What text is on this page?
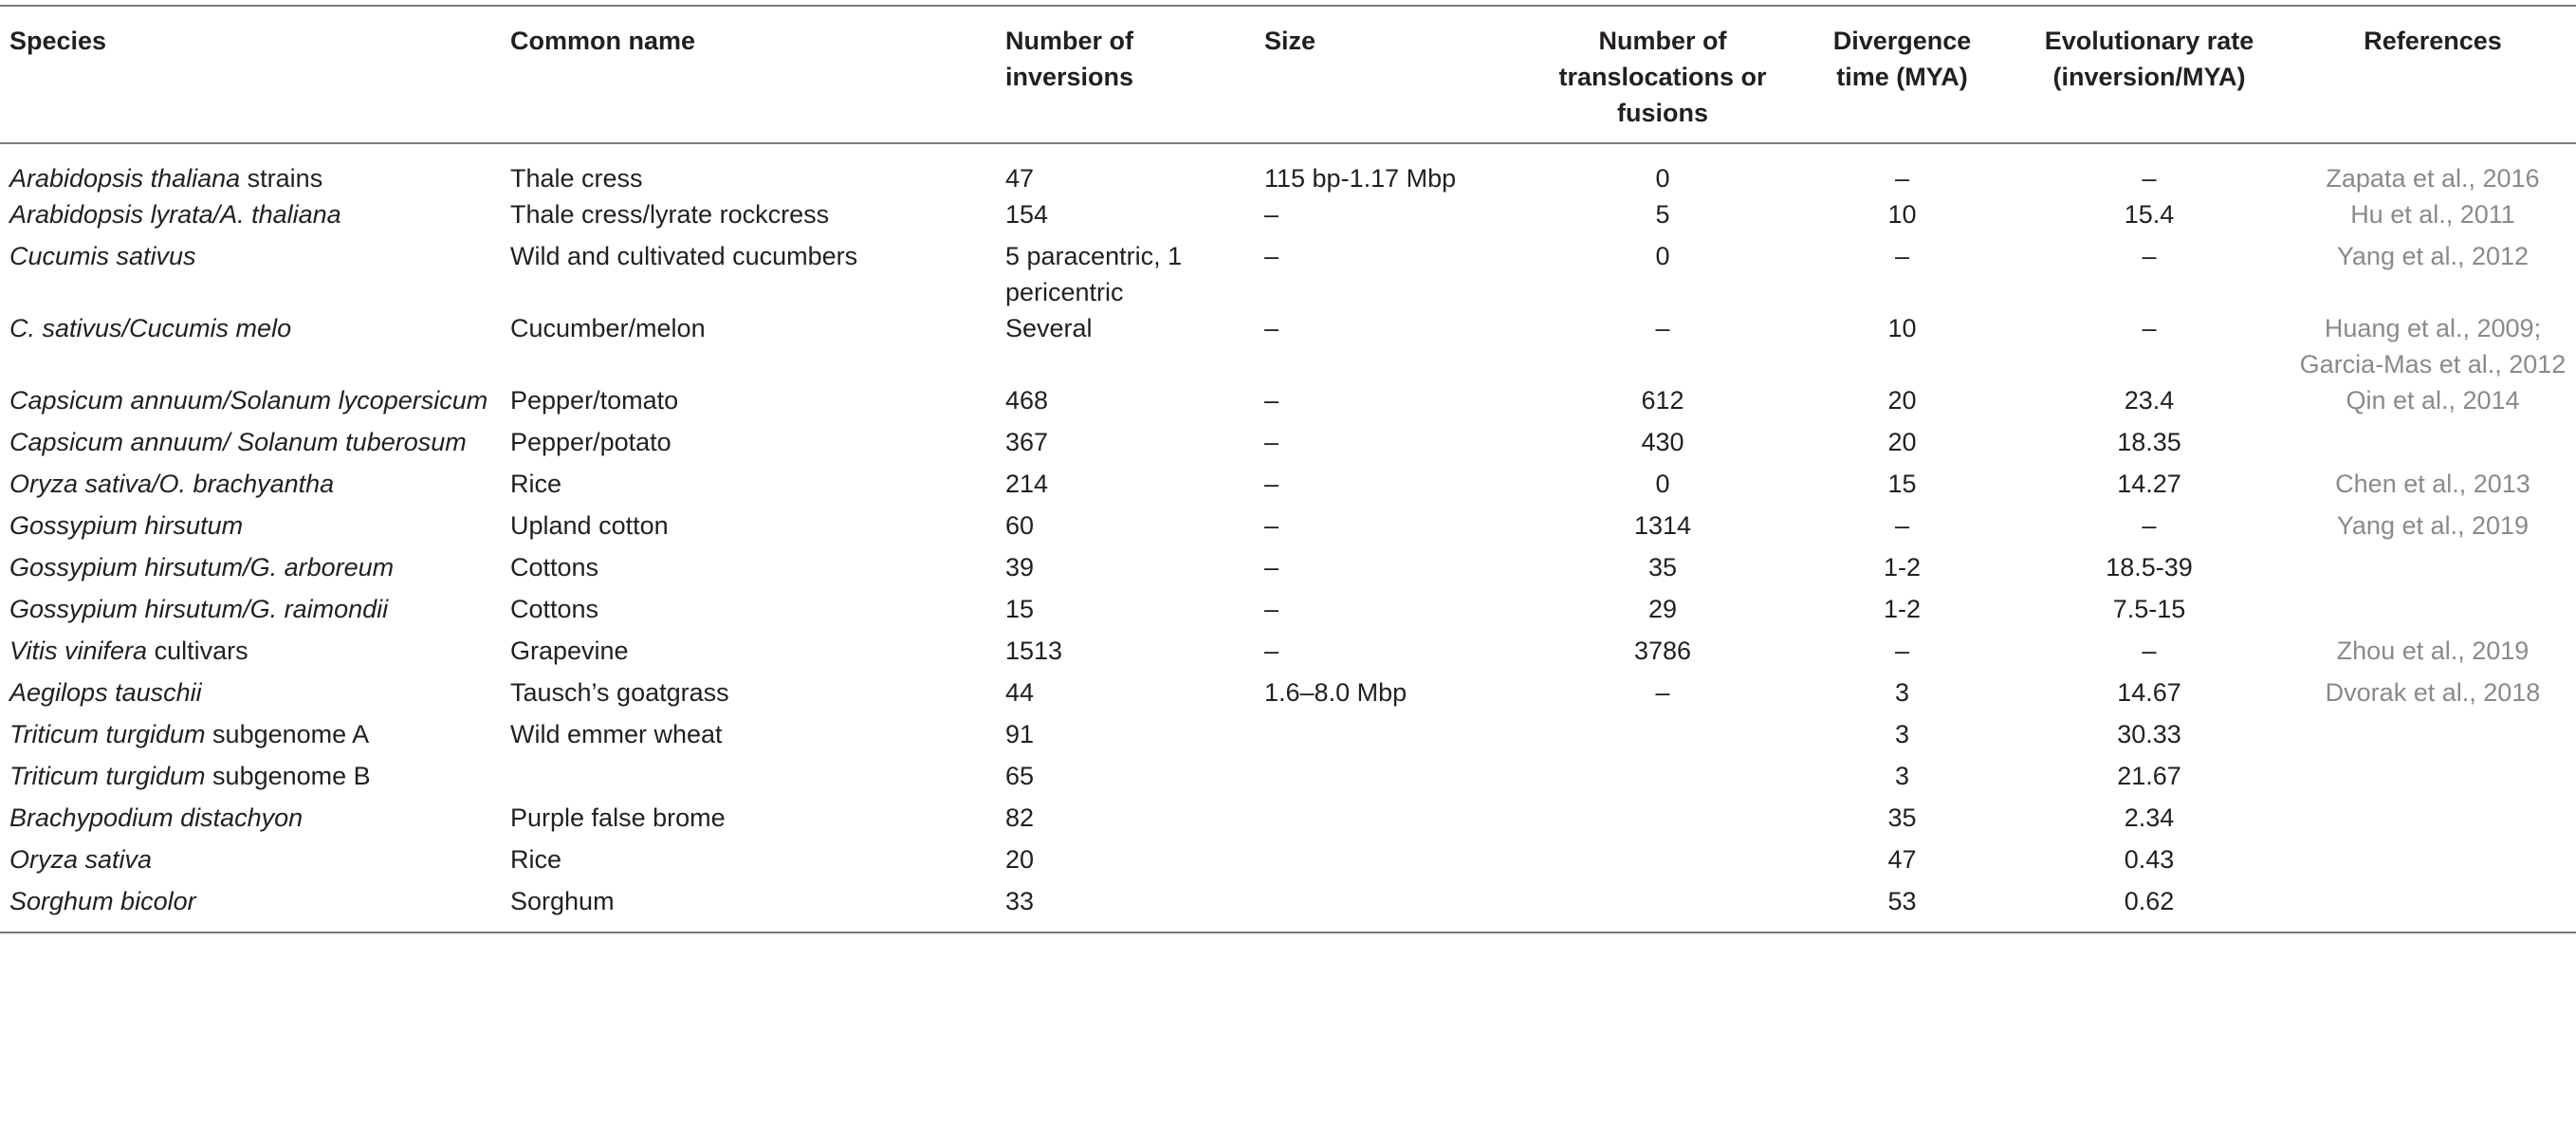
Species	Common name	Number of inversions	Size	Number of translocations or fusions	Divergence time (MYA)	Evolutionary rate (inversion/MYA)	References
Arabidopsis thaliana strains	Thale cress	47	115 bp-1.17 Mbp	0	–	–	Zapata et al., 2016

Arabidopsis lyrata/A. thaliana	Thale cress/lyrate rockcress	154	–	5	10	15.4	Hu et al., 2011

Cucumis sativus	Wild and cultivated cucumbers	5 paracentric, 1 pericentric	–	0	–	–	Yang et al., 2012

C. sativus/Cucumis melo	Cucumber/melon	Several	–	–	10	–	Huang et al., 2009;
Garcia-Mas et al., 2012

Capsicum annuum/Solanum lycopersicum	Pepper/tomato	468	–	612	20	23.4	Qin et al., 2014

Capsicum annuum/ Solanum tuberosum	Pepper/potato	367	–	430	20	18.35	

Oryza sativa/O. brachyantha	Rice	214	–	0	15	14.27	Chen et al., 2013

Gossypium hirsutum	Upland cotton	60	–	1314	–	–	Yang et al., 2019

Gossypium hirsutum/G. arboreum	Cottons	39	–	35	1-2	18.5-39	

Gossypium hirsutum/G. raimondii	Cottons	15	–	29	1-2	7.5-15	

Vitis vinifera cultivars	Grapevine	1513	–	3786	–	–	Zhou et al., 2019

Aegilops tauschii	Tausch’s goatgrass	44	1.6–8.0 Mbp	–	3	14.67	Dvorak et al., 2018

Triticum turgidum subgenome A	Wild emmer wheat	91			3	30.33	

Triticum turgidum subgenome B		65			3	21.67	

Brachypodium distachyon	Purple false brome	82			35	2.34	

Oryza sativa	Rice	20			47	0.43	

Sorghum bicolor	Sorghum	33			53	0.62	
